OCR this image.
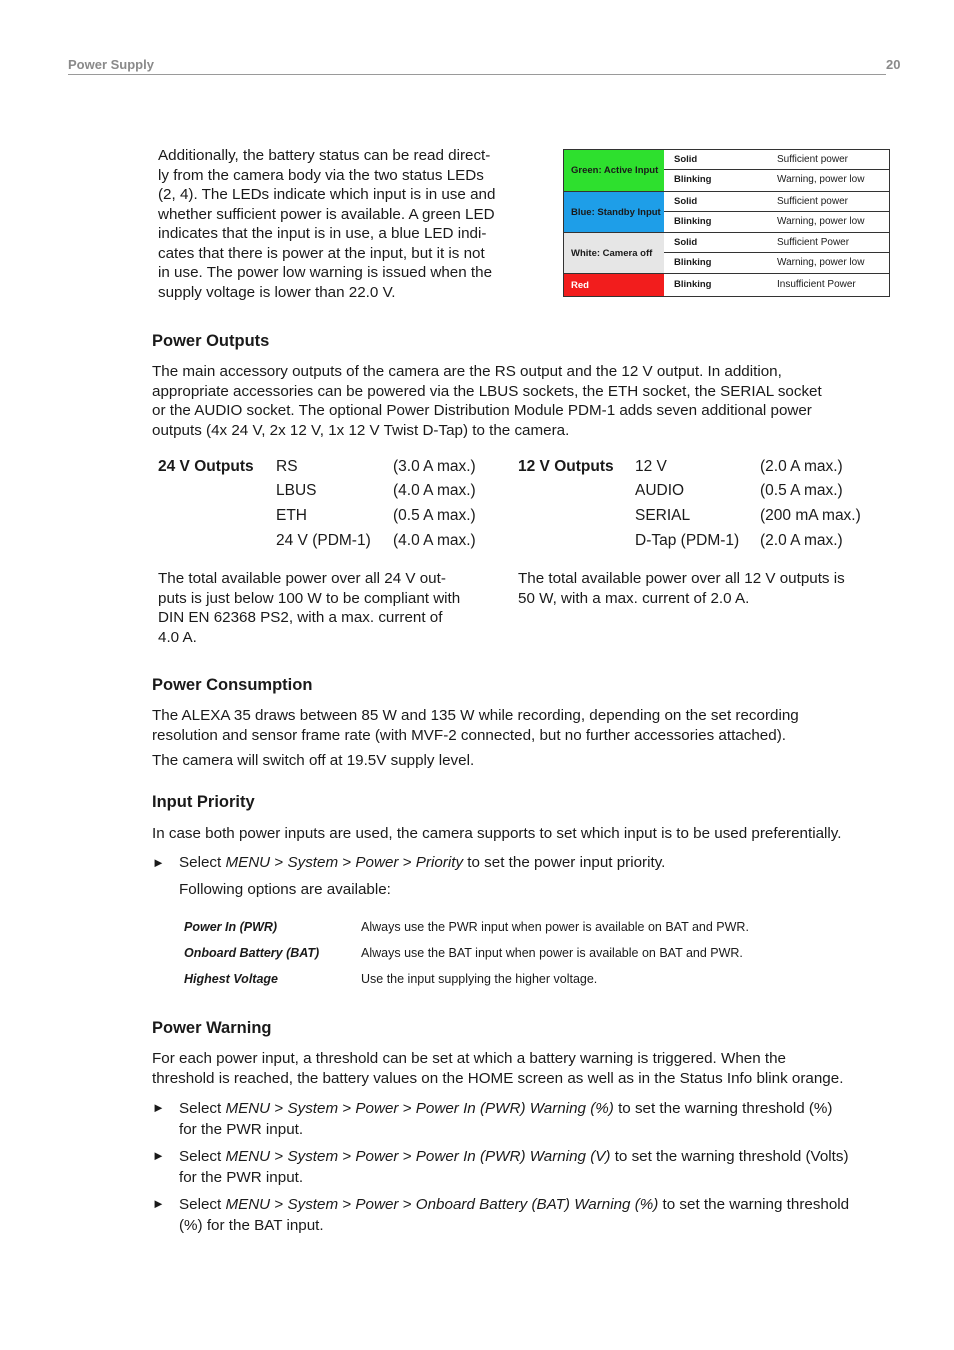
Power Supply	20
Additionally, the battery status can be read direct-
ly from the camera body via the two status LEDs
(2, 4). The LEDs indicate which input is in use and
whether sufficient power is available. A green LED
indicates that the input is in use, a blue LED indi-
cates that there is power at the input, but it is not
in use. The power low warning is issued when the
supply voltage is lower than 22.0 V.
Green: Active Input
Solid	Sufficient power
Blinking	Warning, power low
Blue: Standby Input
Solid	Sufficient power
Blinking	Warning, power low
White: Camera off
Solid	Sufficient Power
Blinking	Warning, power low
Red	Blinking	Insufficient Power
Power Outputs
The main accessory outputs of the camera are the RS output and the 12 V output. In addition,
appropriate accessories can be powered via the LBUS sockets, the ETH socket, the SERIAL socket
or the AUDIO socket. The optional Power Distribution Module PDM-1 adds seven additional power
outputs (4x 24 V, 2x 12 V, 1x 12 V Twist D-Tap) to the camera.
24 V Outputs RS	(3.0 A max.)
LBUS	(4.0 A max.)
ETH	(0.5 A max.)
24 V (PDM-1) (4.0 A max.)
12 V Outputs 12 V	(2.0 A max.)
AUDIO	(0.5 A max.)
SERIAL	(200 mA max.)
D-Tap (PDM-1) (2.0 A max.)
The total available power over all 24 V out-
puts is just below 100 W to be compliant with
DIN EN 62368 PS2, with a max. current of
4.0 A.
The total available power over all 12 V outputs is
50 W, with a max. current of 2.0 A.
Power Consumption
The ALEXA 35 draws between 85 W and 135 W while recording, depending on the set recording
resolution and sensor frame rate (with MVF-2 connected, but no further accessories attached).
The camera will switch off at 19.5V supply level.
Input Priority
In case both power inputs are used, the camera supports to set which input is to be used preferentially.
► Select MENU > System > Power > Priority to set the power input priority.
Following options are available:
Power In (PWR)	Always use the PWR input when power is available on BAT and PWR.
Onboard Battery (BAT)	Always use the BAT input when power is available on BAT and PWR.
Highest Voltage	Use the input supplying the higher voltage.
Power Warning
For each power input, a threshold can be set at which a battery warning is triggered. When the
threshold is reached, the battery values on the HOME screen as well as in the Status Info blink orange.
► Select MENU > System > Power > Power In (PWR) Warning (%) to set the warning threshold (%)
for the PWR input.
► Select MENU > System > Power > Power In (PWR) Warning (V) to set the warning threshold (Volts)
for the PWR input.
► Select MENU > System > Power > Onboard Battery (BAT) Warning (%) to set the warning threshold
(%) for the BAT input.
